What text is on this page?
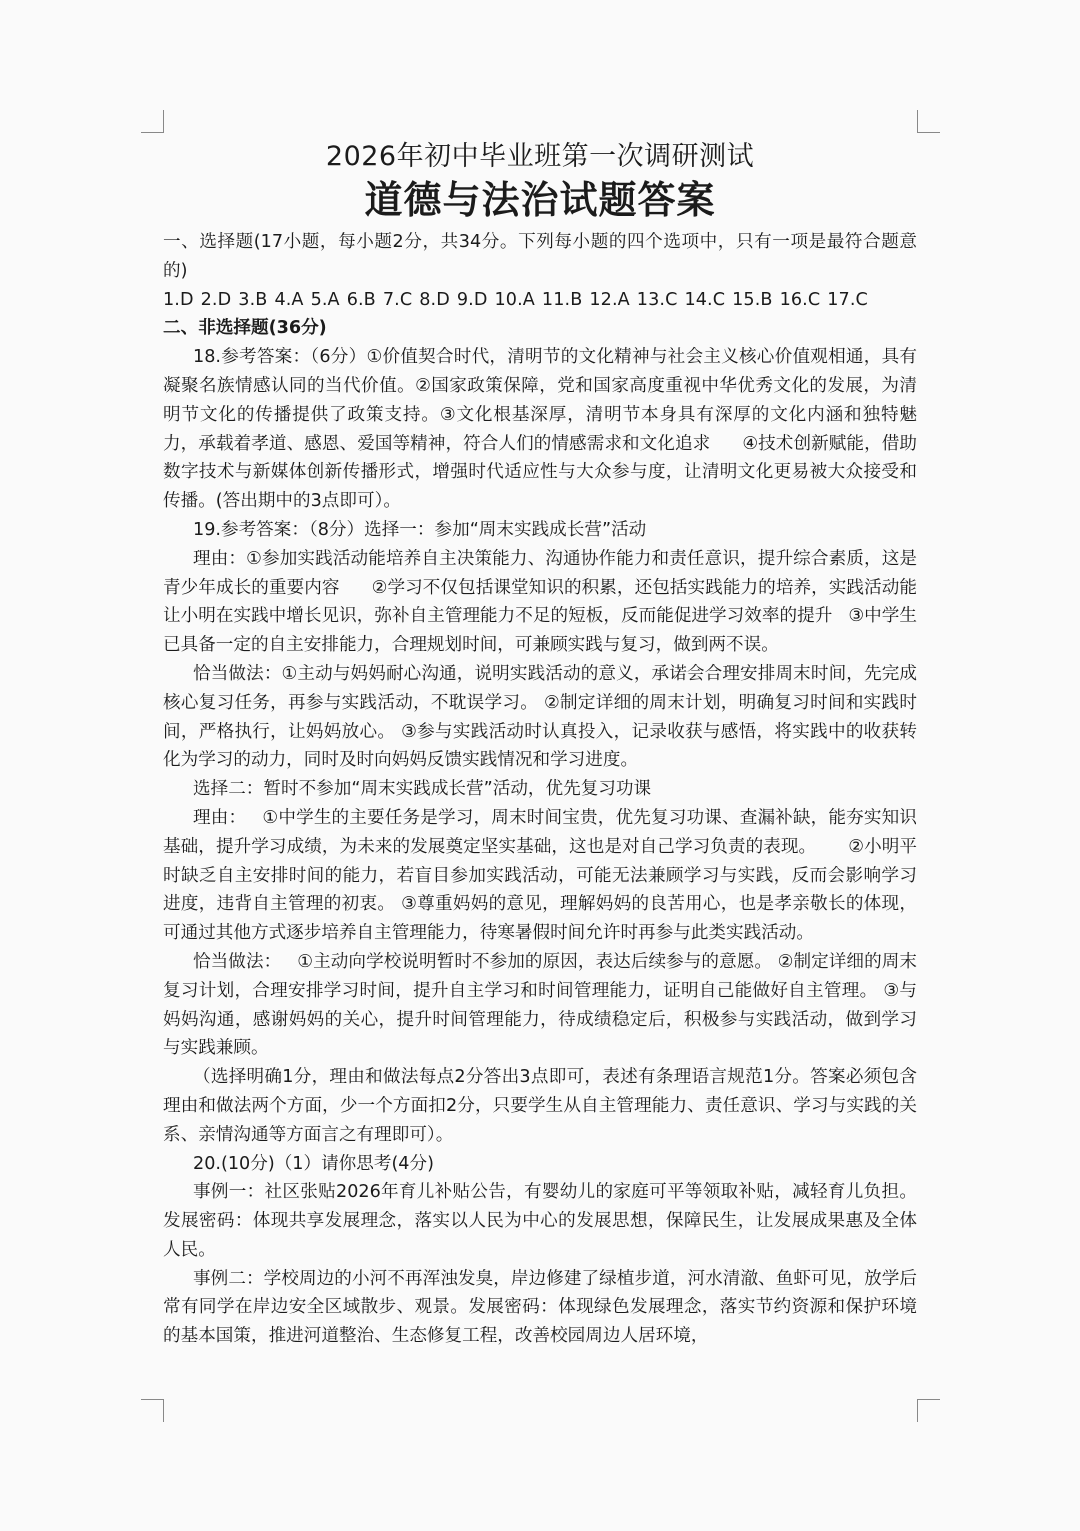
2026年初中毕业班第一次调研测试
道德与法治试题答案

一、选择题(17小题，每小题2分，共34分。下列每小题的四个选项中，只有一项是最符合题意的)

1.D 2.D 3.B 4.A 5.A 6.B 7.C 8.D 9.D 10.A 11.B 12.A 13.C 14.C 15.B 16.C 17.C

二、非选择题(36分)

18.参考答案：（6分）①价值契合时代，清明节的文化精神与社会主义核心价值观相通，具有凝聚名族情感认同的当代价值。②国家政策保障，党和国家高度重视中华优秀文化的发展，为清明节文化的传播提供了政策支持。③文化根基深厚，清明节本身具有深厚的文化内涵和独特魅力，承载着孝道、感恩、爱国等精神，符合人们的情感需求和文化追求 ④技术创新赋能，借助数字技术与新媒体创新传播形式，增强时代适应性与大众参与度，让清明文化更易被大众接受和传播。(答出期中的3点即可）。

19.参考答案：（8分）选择一：参加“周末实践成长营”活动

理由：①参加实践活动能培养自主决策能力、沟通协作能力和责任意识，提升综合素质，这是青少年成长的重要内容 ②学习不仅包括课堂知识的积累，还包括实践能力的培养，实践活动能让小明在实践中增长见识，弥补自主管理能力不足的短板，反而能促进学习效率的提升 ③中学生已具备一定的自主安排能力，合理规划时间，可兼顾实践与复习，做到两不误。

恰当做法：①主动与妈妈耐心沟通，说明实践活动的意义，承诺会合理安排周末时间，先完成核心复习任务，再参与实践活动，不耽误学习。 ②制定详细的周末计划，明确复习时间和实践时间，严格执行，让妈妈放心。 ③参与实践活动时认真投入，记录收获与感悟，将实践中的收获转化为学习的动力，同时及时向妈妈反馈实践情况和学习进度。

选择二：暂时不参加“周末实践成长营”活动，优先复习功课

理由： ①中学生的主要任务是学习，周末时间宝贵，优先复习功课、查漏补缺，能夯实知识基础，提升学习成绩，为未来的发展奠定坚实基础，这也是对自己学习负责的表现。 ②小明平时缺乏自主安排时间的能力，若盲目参加实践活动，可能无法兼顾学习与实践，反而会影响学习进度，违背自主管理的初衷。 ③尊重妈妈的意见，理解妈妈的良苦用心，也是孝亲敬长的体现，可通过其他方式逐步培养自主管理能力，待寒暑假时间允许时再参与此类实践活动。

恰当做法： ①主动向学校说明暂时不参加的原因，表达后续参与的意愿。 ②制定详细的周末复习计划，合理安排学习时间，提升自主学习和时间管理能力，证明自己能做好自主管理。 ③与妈妈沟通，感谢妈妈的关心，提升时间管理能力，待成绩稳定后，积极参与实践活动，做到学习与实践兼顾。

（选择明确1分，理由和做法每点2分答出3点即可，表述有条理语言规范1分。答案必须包含理由和做法两个方面，少一个方面扣2分，只要学生从自主管理能力、责任意识、学习与实践的关系、亲情沟通等方面言之有理即可）。

20.(10分)（1）请你思考(4分)

事例一：社区张贴2026年育儿补贴公告，有婴幼儿的家庭可平等领取补贴，减轻育儿负担。发展密码：体现共享发展理念，落实以人民为中心的发展思想，保障民生，让发展成果惠及全体人民。

事例二：学校周边的小河不再浑浊发臭，岸边修建了绿植步道，河水清澈、鱼虾可见，放学后常有同学在岸边安全区域散步、观景。发展密码：体现绿色发展理念，落实节约资源和保护环境的基本国策，推进河道整治、生态修复工程，改善校园周边人居环境，
